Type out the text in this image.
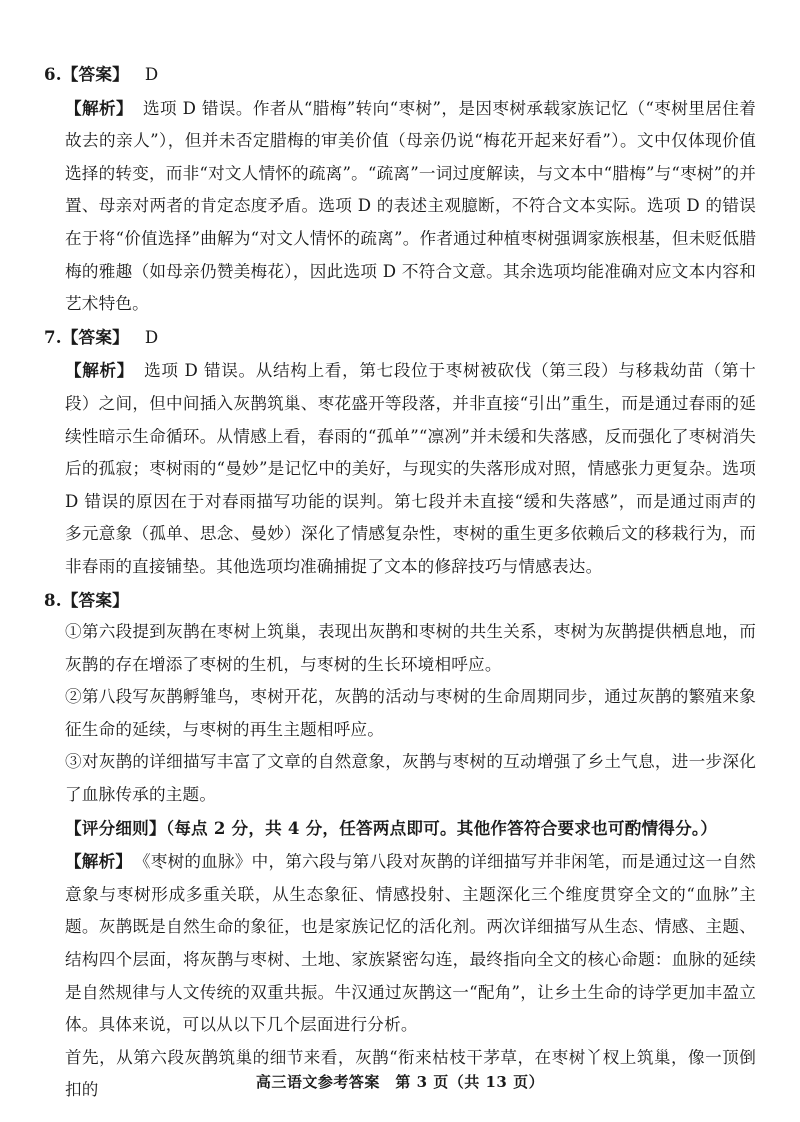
6.【答案】 D

【解析】 选项 D 错误。作者从“腊梅”转向“枣树”，是因枣树承载家族记忆（“枣树里居住着故去的亲人”），但并未否定腊梅的审美价值（母亲仍说“梅花开起来好看”）。文中仅体现价值选择的转变，而非“对文人情怀的疏离”。“疏离”一词过度解读，与文本中“腊梅”与“枣树”的并置、母亲对两者的肯定态度矛盾。选项 D 的表述主观臆断，不符合文本实际。选项 D 的错误在于将“价值选择”曲解为“对文人情怀的疏离”。作者通过种植枣树强调家族根基，但未贬低腊梅的雅趣（如母亲仍赞美梅花），因此选项 D 不符合文意。其余选项均能准确对应文本内容和艺术特色。

7.【答案】 D

【解析】 选项 D 错误。从结构上看，第七段位于枣树被砍伐（第三段）与移栽幼苗（第十段）之间，但中间插入灰鹊筑巢、枣花盛开等段落，并非直接“引出”重生，而是通过春雨的延续性暗示生命循环。从情感上看，春雨的“孤单”“凛冽”并未缓和失落感，反而强化了枣树消失后的孤寂；枣树雨的“曼妙”是记忆中的美好，与现实的失落形成对照，情感张力更复杂。选项 D 错误的原因在于对春雨描写功能的误判。第七段并未直接“缓和失落感”，而是通过雨声的多元意象（孤单、思念、曼妙）深化了情感复杂性，枣树的重生更多依赖后文的移栽行为，而非春雨的直接铺垫。其他选项均准确捕捉了文本的修辞技巧与情感表达。

8.【答案】

①第六段提到灰鹊在枣树上筑巢，表现出灰鹊和枣树的共生关系，枣树为灰鹊提供栖息地，而灰鹊的存在增添了枣树的生机，与枣树的生长环境相呼应。

②第八段写灰鹊孵雏鸟，枣树开花，灰鹊的活动与枣树的生命周期同步，通过灰鹊的繁殖来象征生命的延续，与枣树的再生主题相呼应。

③对灰鹊的详细描写丰富了文章的自然意象，灰鹊与枣树的互动增强了乡土气息，进一步深化了血脉传承的主题。

【评分细则】（每点 2 分，共 4 分，任答两点即可。其他作答符合要求也可酌情得分。）

【解析】 《枣树的血脉》中，第六段与第八段对灰鹊的详细描写并非闲笔，而是通过这一自然意象与枣树形成多重关联，从生态象征、情感投射、主题深化三个维度贯穿全文的“血脉”主题。灰鹊既是自然生命的象征，也是家族记忆的活化剂。两次详细描写从生态、情感、主题、结构四个层面，将灰鹊与枣树、土地、家族紧密勾连，最终指向全文的核心命题：血脉的延续是自然规律与人文传统的双重共振。牛汉通过灰鹊这一“配角”，让乡土生命的诗学更加丰盈立体。具体来说，可以从以下几个层面进行分析。

首先，从第六段灰鹊筑巢的细节来看，灰鹊“衔来枯枝干茅草，在枣树丫杈上筑巢，像一顶倒扣的	高三语文参考答案　第 3 页（共 13 页）
